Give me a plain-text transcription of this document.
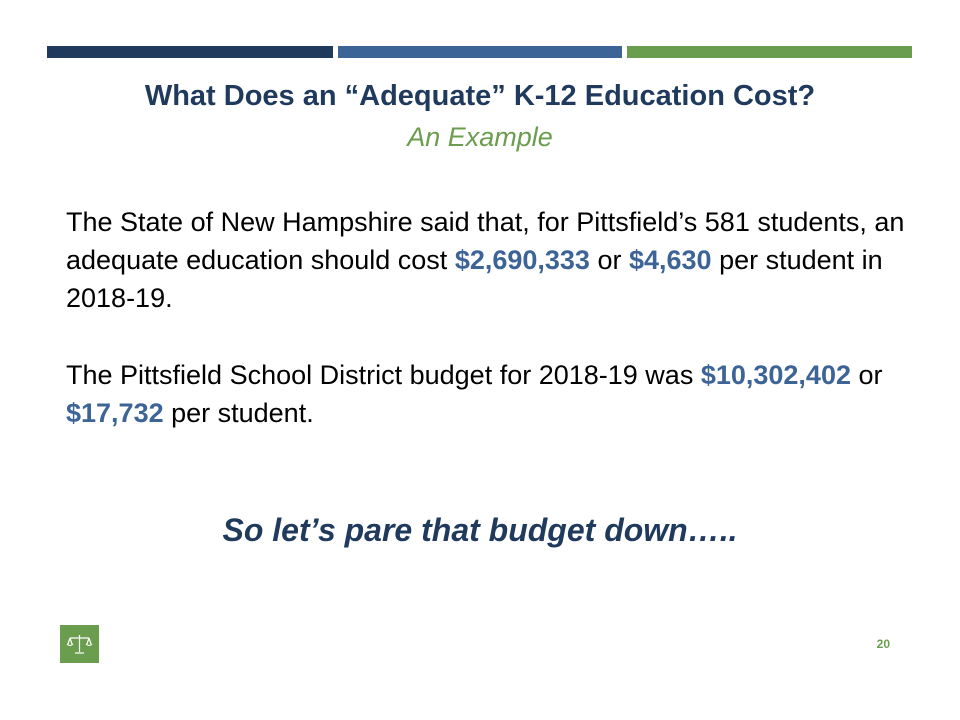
What Does an “Adequate” K-12 Education Cost?
An Example
The State of New Hampshire said that, for Pittsfield’s 581 students, an adequate education should cost $2,690,333 or $4,630 per student in 2018-19.
The Pittsfield School District budget for 2018-19 was $10,302,402 or $17,732 per student.
So let’s pare that budget down…..
20
